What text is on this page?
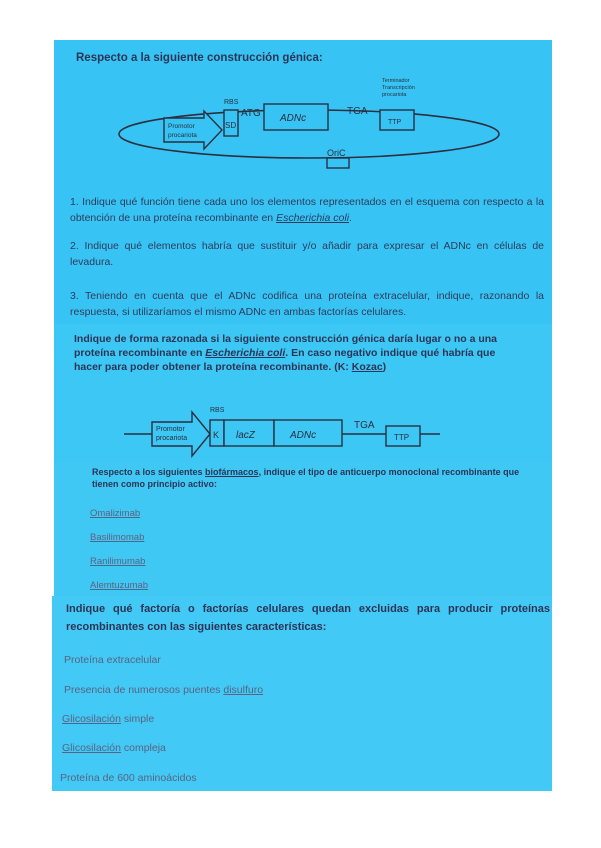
Respecto a la siguiente construcción génica:

Promotor
procariota
RBS
SD
ATG ADNc
TGA
TTP
Terminador
Transcripción
procariota
OriC

1. Indique qué función tiene cada uno los elementos representados en el esquema con respecto a la obtención de una proteína recombinante en Escherichia coli.

2. Indique qué elementos habría que sustituir y/o añadir para expresar el ADNc en células de levadura.

3. Teniendo en cuenta que el ADNc codifica una proteína extracelular, indique, razonando la respuesta, si utilizaríamos el mismo ADNc en ambas factorías celulares.

Indique de forma razonada si la siguiente construcción génica daría lugar o no a una proteína recombinante en Escherichia coli. En caso negativo indique qué habría que hacer para poder obtener la proteína recombinante. (K: Kozac)

Promotor
procariota
RBS
K lacZ	ADNc
TGA
TTP

Respecto a los siguientes biofármacos, indique el tipo de anticuerpo monoclonal recombinante que tienen como principio activo:

Omalizimab
Basilimomab
Ranilimumab
Alemtuzumab

Indique qué factoría o factorías celulares quedan excluidas para producir proteínas recombinantes con las siguientes características:

Proteína extracelular
Presencia de numerosos puentes disulfuro
Glicosilación simple
Glicosilación compleja
Proteína de 600 aminoácidos
